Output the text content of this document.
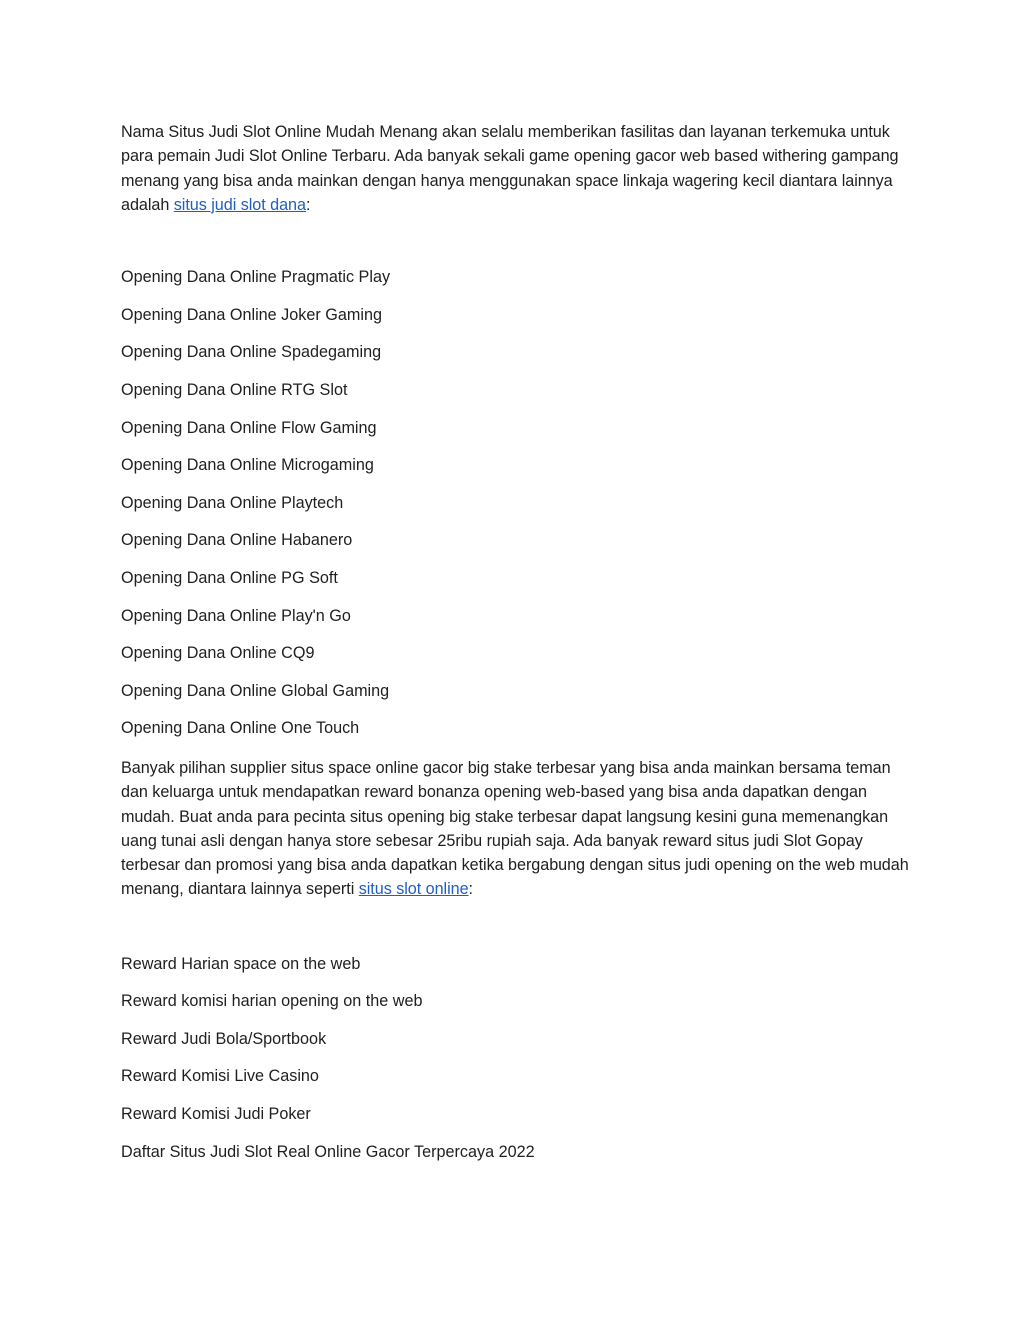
Nama Situs Judi Slot Online Mudah Menang akan selalu memberikan fasilitas dan layanan terkemuka untuk para pemain Judi Slot Online Terbaru. Ada banyak sekali game opening gacor web based withering gampang menang yang bisa anda mainkan dengan hanya menggunakan space linkaja wagering kecil diantara lainnya adalah situs judi slot dana:

Opening Dana Online Pragmatic Play
Opening Dana Online Joker Gaming
Opening Dana Online Spadegaming
Opening Dana Online RTG Slot
Opening Dana Online Flow Gaming
Opening Dana Online Microgaming
Opening Dana Online Playtech
Opening Dana Online Habanero
Opening Dana Online PG Soft
Opening Dana Online Play'n Go
Opening Dana Online CQ9
Opening Dana Online Global Gaming
Opening Dana Online One Touch

Banyak pilihan supplier situs space online gacor big stake terbesar yang bisa anda mainkan bersama teman dan keluarga untuk mendapatkan reward bonanza opening web-based yang bisa anda dapatkan dengan mudah. Buat anda para pecinta situs opening big stake terbesar dapat langsung kesini guna memenangkan uang tunai asli dengan hanya store sebesar 25ribu rupiah saja. Ada banyak reward situs judi Slot Gopay terbesar dan promosi yang bisa anda dapatkan ketika bergabung dengan situs judi opening on the web mudah menang, diantara lainnya seperti situs slot online:

Reward Harian space on the web
Reward komisi harian opening on the web
Reward Judi Bola/Sportbook
Reward Komisi Live Casino
Reward Komisi Judi Poker
Daftar Situs Judi Slot Real Online Gacor Terpercaya 2022
